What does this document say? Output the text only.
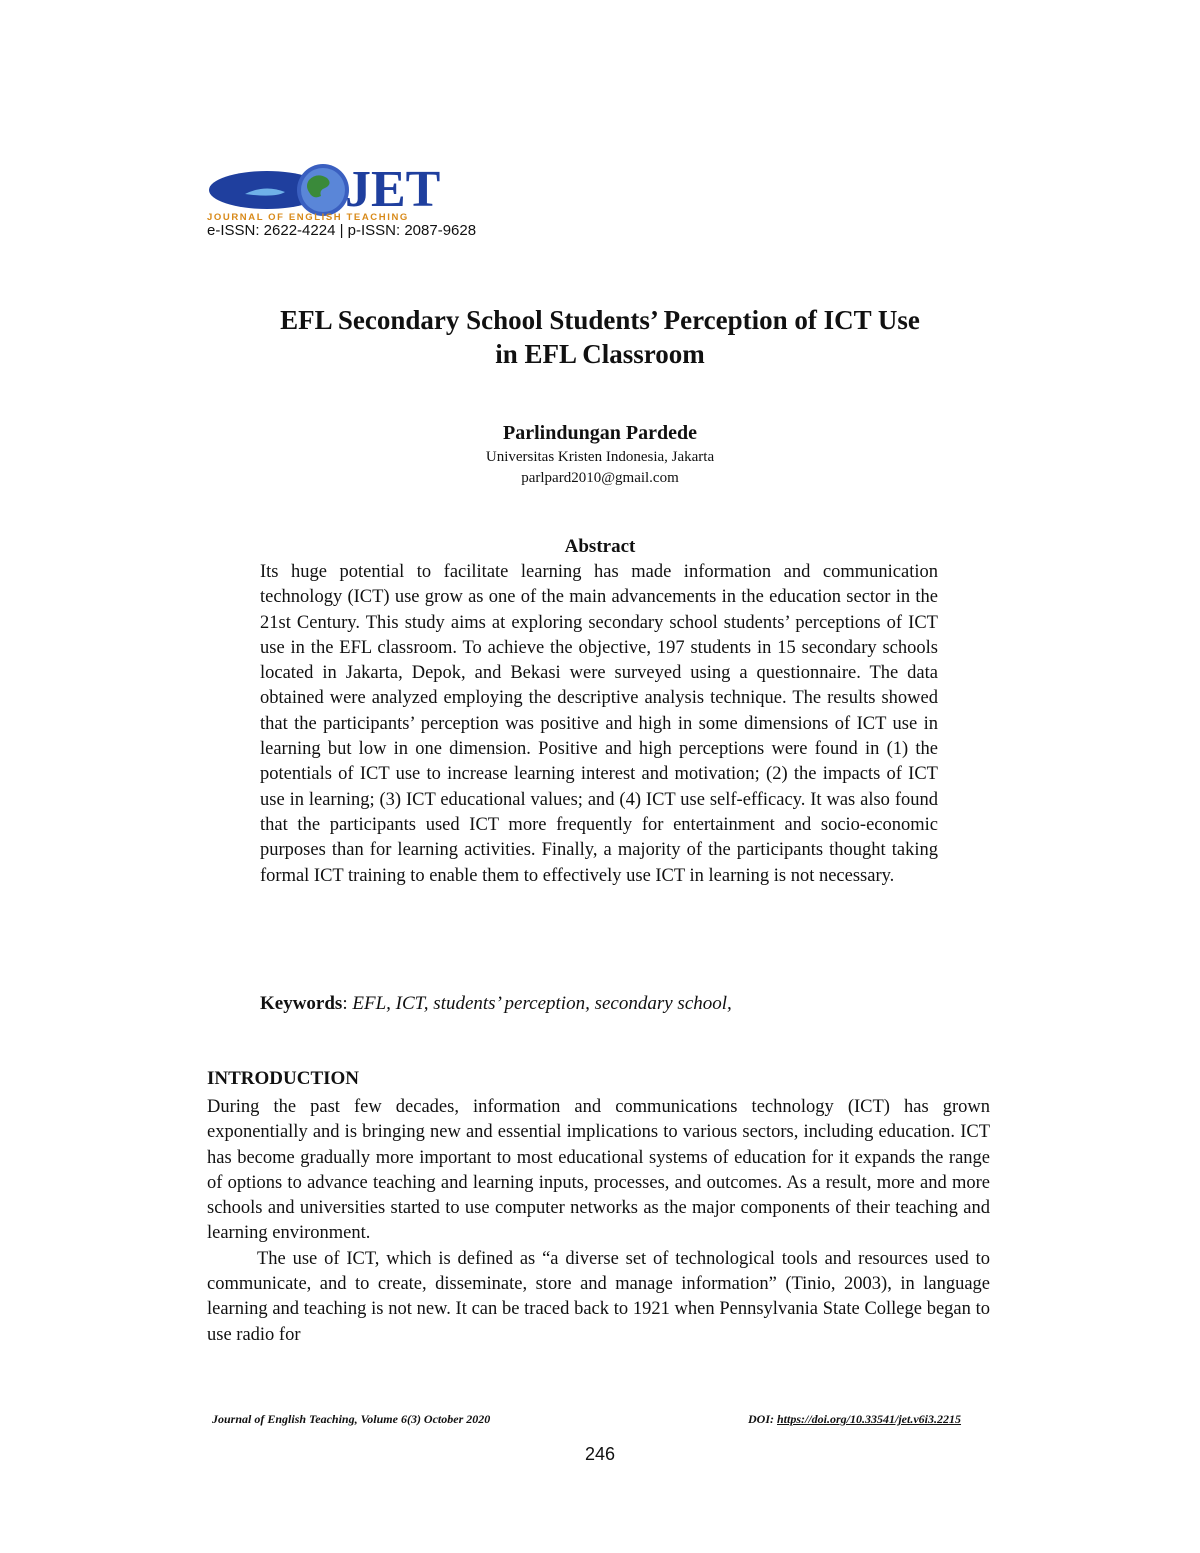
JET
JOURNAL OF ENGLISH TEACHING
e-ISSN: 2622-4224 | p-ISSN: 2087-9628
EFL Secondary School Students’ Perception of ICT Use
in EFL Classroom
Parlindungan Pardede
Universitas Kristen Indonesia, Jakarta
parlpard2010@gmail.com
Abstract

Its huge potential to facilitate learning has made information and communication technology (ICT) use grow as one of the main advancements in the education sector in the 21st Century. This study aims at exploring secondary school students’ perceptions of ICT use in the EFL classroom. To achieve the objective, 197 students in 15 secondary schools located in Jakarta, Depok, and Bekasi were surveyed using a questionnaire. The data obtained were analyzed employing the descriptive analysis technique. The results showed that the participants’ perception was positive and high in some dimensions of ICT use in learning but low in one dimension. Positive and high perceptions were found in (1) the potentials of ICT use to increase learning interest and motivation; (2) the impacts of ICT use in learning; (3) ICT educational values; and (4) ICT use self-efficacy. It was also found that the participants used ICT more frequently for entertainment and socio-economic purposes than for learning activities. Finally, a majority of the participants thought taking formal ICT training to enable them to effectively use ICT in learning is not necessary.

Keywords: EFL, ICT, students’ perception, secondary school,
INTRODUCTION

During the past few decades, information and communications technology (ICT) has grown exponentially and is bringing new and essential implications to various sectors, including education. ICT has become gradually more important to most educational systems of education for it expands the range of options to advance teaching and learning inputs, processes, and outcomes. As a result, more and more schools and universities started to use computer networks as the major components of their teaching and learning environment.

The use of ICT, which is defined as “a diverse set of technological tools and resources used to communicate, and to create, disseminate, store and manage information” (Tinio, 2003), in language learning and teaching is not new. It can be traced back to 1921 when Pennsylvania State College began to use radio for

Journal of English Teaching, Volume 6(3) October 2020	DOI: https://doi.org/10.33541/jet.v6i3.2215
246
